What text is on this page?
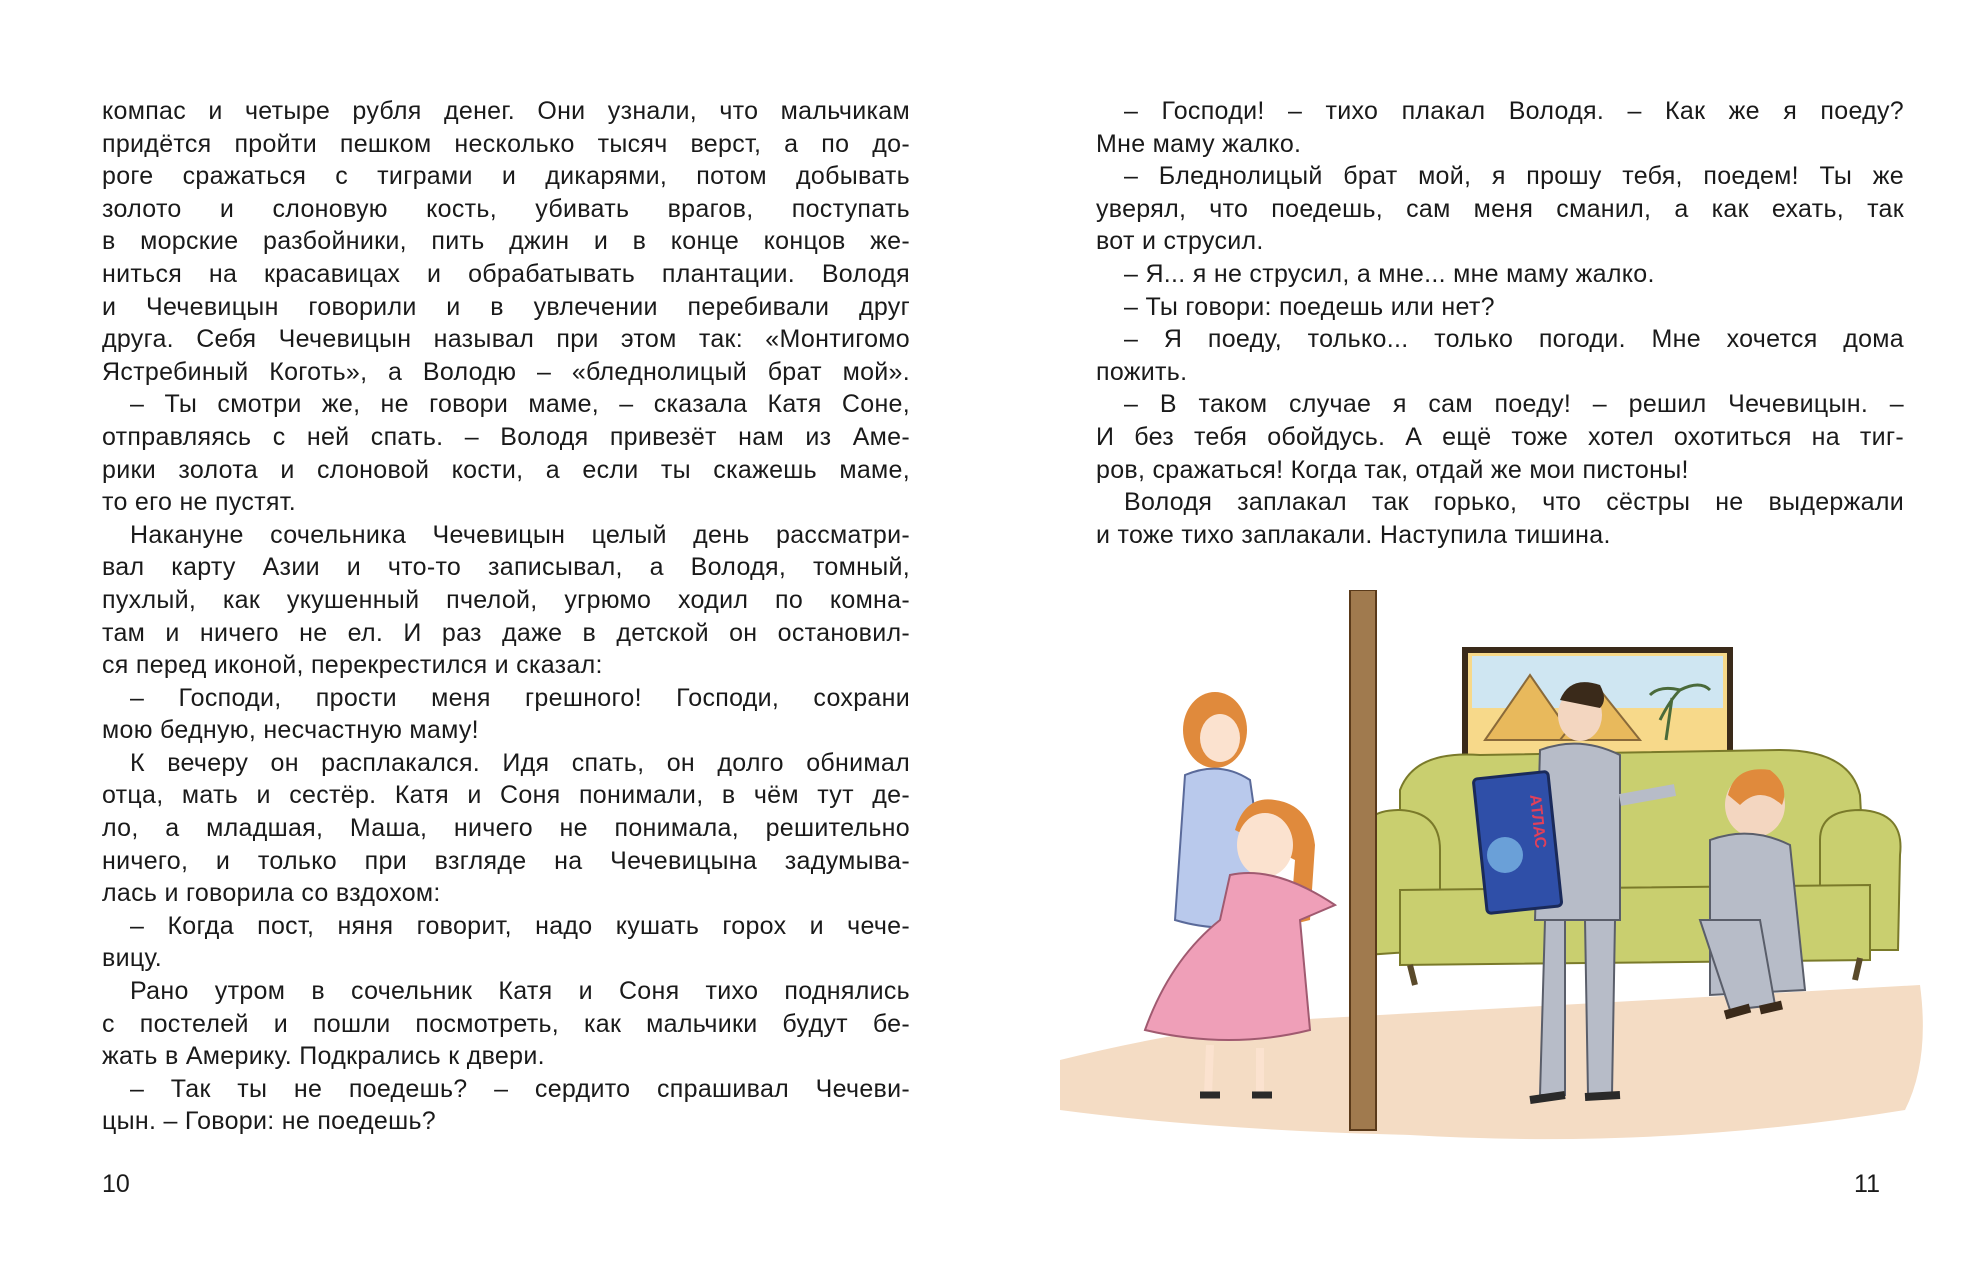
компас и четыре рубля денег. Они узнали, что мальчикам
придётся пройти пешком несколько тысяч верст, а по до-
роге сражаться с тиграми и дикарями, потом добывать
золото и слоновую кость, убивать врагов, поступать
в морские разбойники, пить джин и в конце концов же-
ниться на красавицах и обрабатывать плантации. Володя
и Чечевицын говорили и в увлечении перебивали друг
друга. Себя Чечевицын называл при этом так: «Монтигомо
Ястребиный Коготь», а Володю – «бледнолицый брат мой».
– Ты смотри же, не говори маме, – сказала Катя Соне,
отправляясь с ней спать. – Володя привезёт нам из Аме-
рики золота и слоновой кости, а если ты скажешь маме,
то его не пустят.
Накануне сочельника Чечевицын целый день рассматри-
вал карту Азии и что-то записывал, а Володя, томный,
пухлый, как укушенный пчелой, угрюмо ходил по комна-
там и ничего не ел. И раз даже в детской он остановил-
ся перед иконой, перекрестился и сказал:
– Господи, прости меня грешного! Господи, сохрани
мою бедную, несчастную маму!
К вечеру он расплакался. Идя спать, он долго обнимал
отца, мать и сестёр. Катя и Соня понимали, в чём тут де-
ло, а младшая, Маша, ничего не понимала, решительно
ничего, и только при взгляде на Чечевицына задумыва-
лась и говорила со вздохом:
– Когда пост, няня говорит, надо кушать горох и чече-
вицу.
Рано утром в сочельник Катя и Соня тихо поднялись
с постелей и пошли посмотреть, как мальчики будут бе-
жать в Америку. Подкрались к двери.
– Так ты не поедешь? – сердито спрашивал Чечеви-
цын. – Говори: не поедешь?
10
– Господи! – тихо плакал Володя. – Как же я поеду?
Мне маму жалко.
– Бледнолицый брат мой, я прошу тебя, поедем! Ты же
уверял, что поедешь, сам меня сманил, а как ехать, так
вот и струсил.
– Я... я не струсил, а мне... мне маму жалко.
– Ты говори: поедешь или нет?
– Я поеду, только... только погоди. Мне хочется дома
пожить.
– В таком случае я сам поеду! – решил Чечевицын. –
И без тебя обойдусь. А ещё тоже хотел охотиться на тиг-
ров, сражаться! Когда так, отдай же мои пистоны!
Володя заплакал так горько, что сёстры не выдержали
и тоже тихо заплакали. Наступила тишина.
АТЛАС
11
